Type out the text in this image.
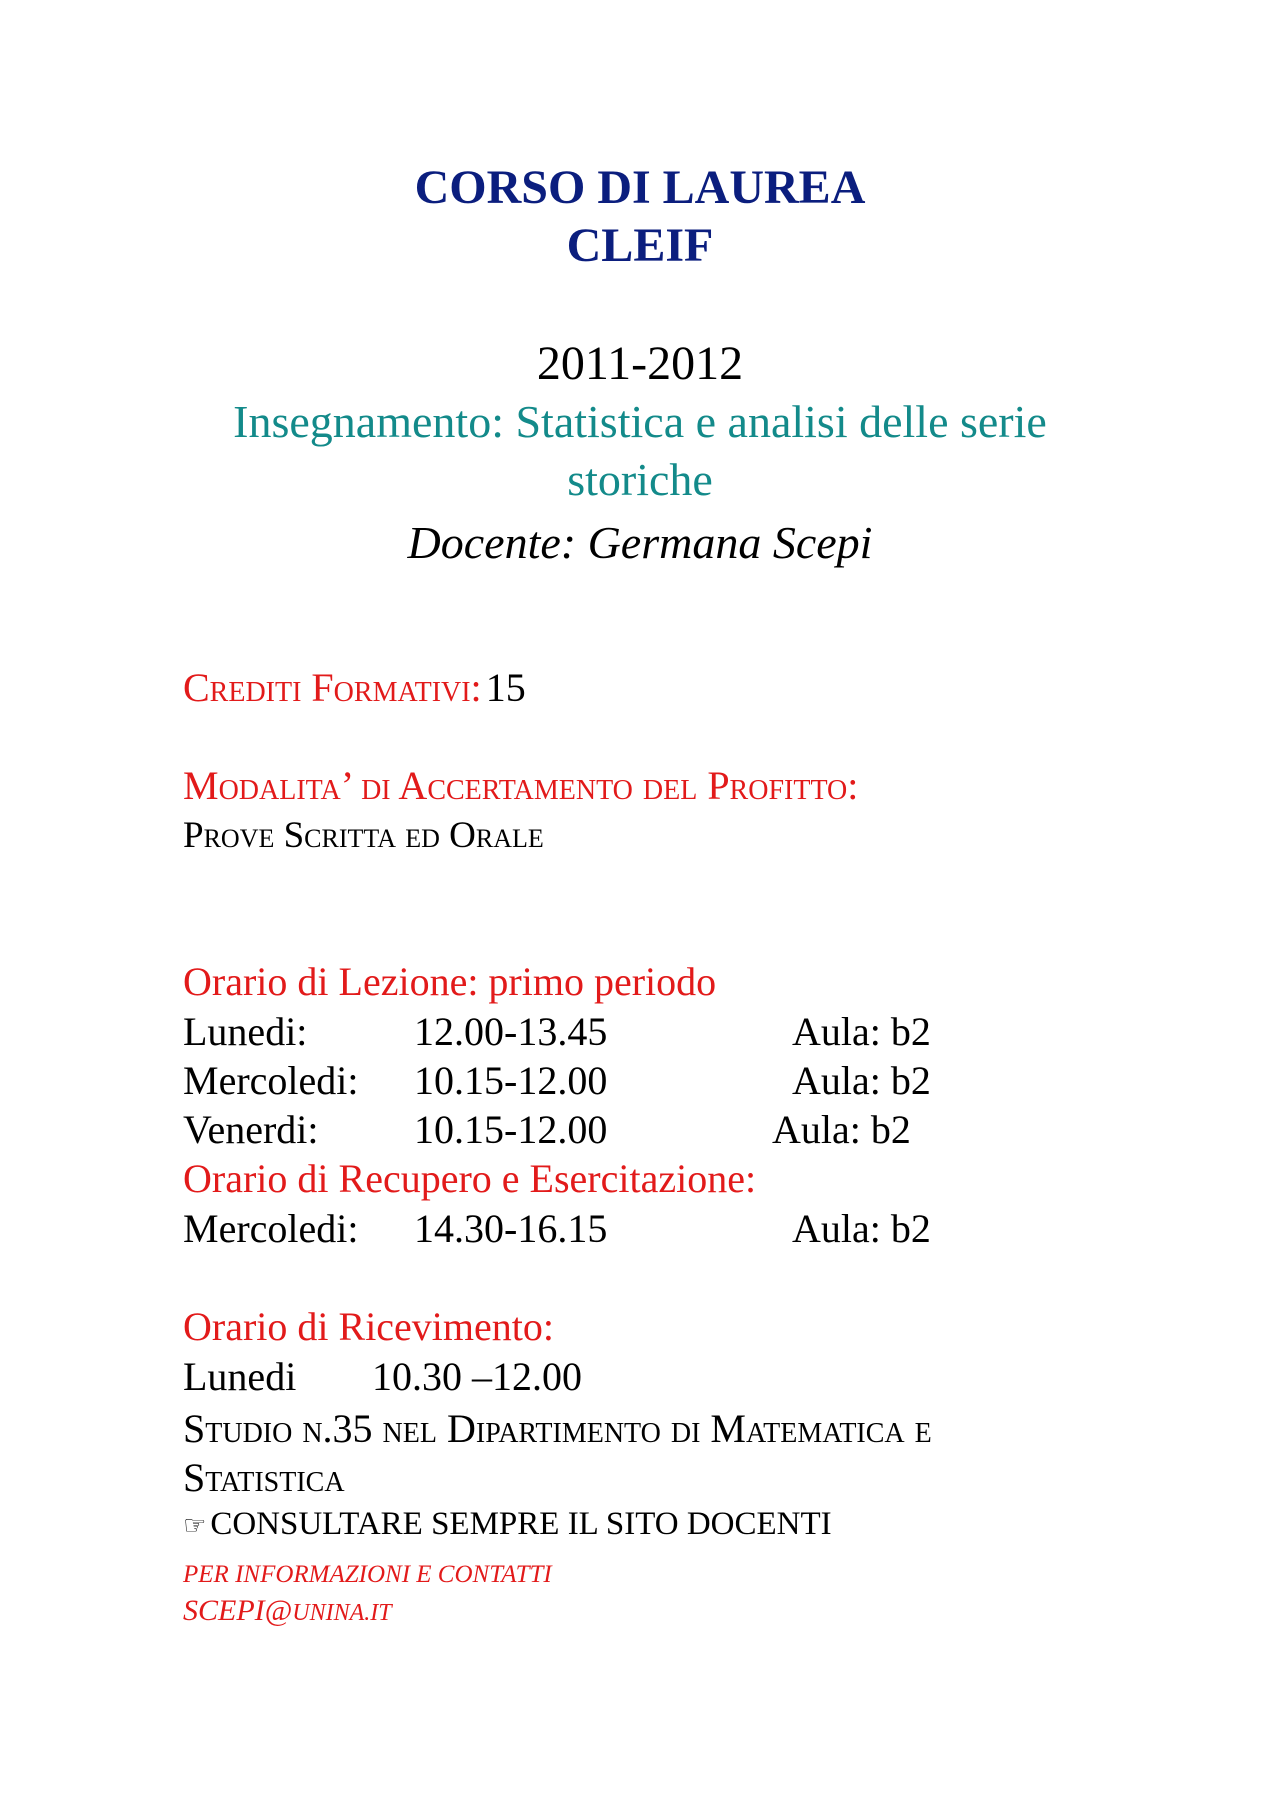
CORSO DI LAUREA
CLEIF
2011-2012
Insegnamento: Statistica e analisi delle serie
storiche
Docente: Germana Scepi
Crediti Formativi: 15
Modalita’ di Accertamento del Profitto:
Prove Scritta ed Orale
Orario di Lezione: primo periodo
Lunedi:	12.00-13.45	Aula: b2
Mercoledi: 10.15-12.00	Aula: b2
Venerdi: 10.15-12.00	Aula: b2
Orario di Recupero e Esercitazione:
Mercoledi: 14.30-16.15	Aula: b2
Orario di Ricevimento:
Lunedi 10.30 –12.00
Studio n.35 nel Dipartimento di Matematica e
Statistica
☞ CONSULTARE SEMPRE IL SITO DOCENTI
PER INFORMAZIONI E CONTATTI
SCEPI@UNINA.IT
